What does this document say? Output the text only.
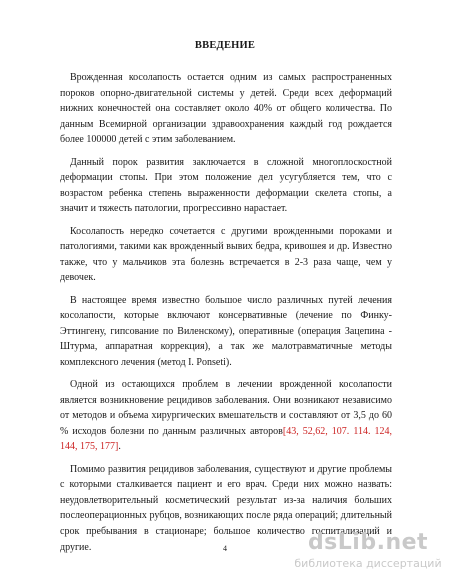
ВВЕДЕНИЕ

Врожденная косолапость остается одним из самых распространенных пороков опорно-двигательной системы у детей. Среди всех деформаций нижних конечностей она составляет около 40% от общего количества. По данным Всемирной организации здравоохранения каждый год рождается более 100000 детей с этим заболеванием.

Данный порок развития заключается в сложной многоплоскостной деформации стопы. При этом положение дел усугубляется тем, что с возрастом ребенка степень выраженности деформации скелета стопы, а значит и тяжесть патологии, прогрессивно нарастает.

Косолапость нередко сочетается с другими врожденными пороками и патологиями, такими как врожденный вывих бедра, кривошея и др. Известно также, что у мальчиков эта болезнь встречается в 2-3 раза чаще, чем у девочек.

В настоящее время известно большое число различных путей лечения косолапости, которые включают консервативные (лечение по Финку-Эттингену, гипсование по Виленскому), оперативные (операция Зацепина - Штурма, аппаратная коррекция), а так же малотравматичные методы комплексного лечения (метод I. Ponseti).

Одной из остающихся проблем в лечении врожденной косолапости является возникновение рецидивов заболевания. Они возникают независимо от методов и объема хирургических вмешательств и составляют от 3,5 до 60 % исходов болезни по данным различных авторов[43, 52,62, 107. 114. 124, 144, 175, 177].

Помимо развития рецидивов заболевания, существуют и другие проблемы с которыми сталкивается пациент и его врач. Среди них можно назвать: неудовлетворительный косметический результат из-за наличия больших послеоперационных рубцов, возникающих после ряда операций; длительный срок пребывания в стационаре; большое количество госпитализаций и другие.	4	dsLib.net
библиотека диссертаций
